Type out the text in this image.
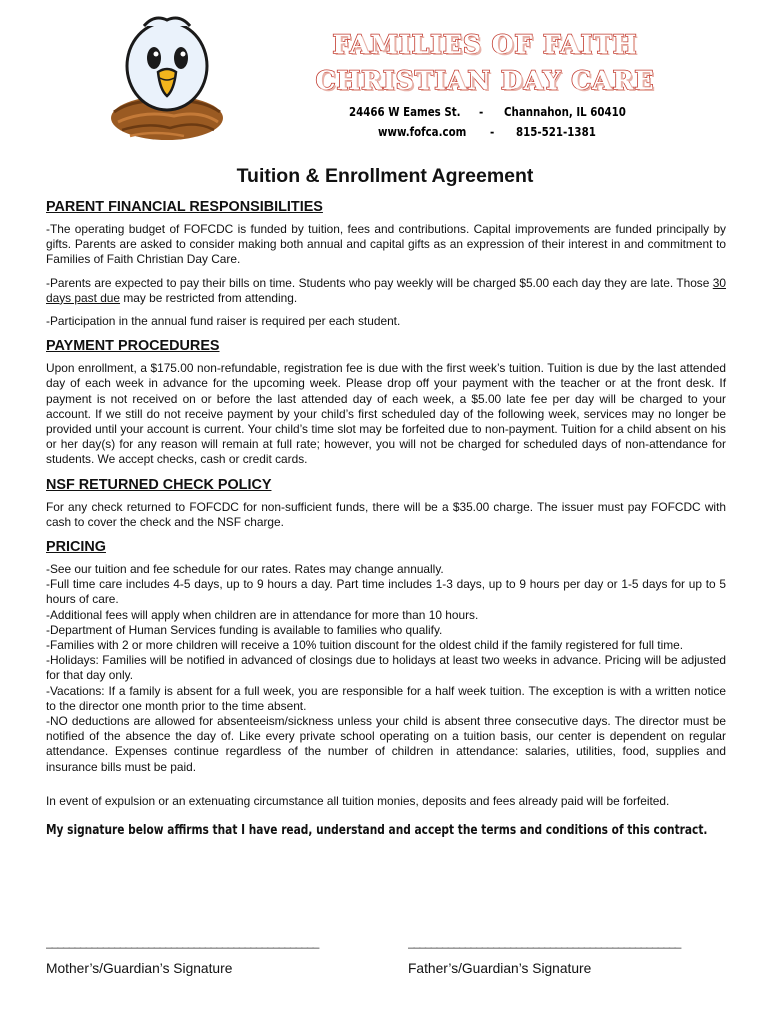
FAMILIES OF FAITH
CHRISTIAN DAY CARE
24466 W Eames St. - Channahon, IL 60410
www.fofca.com - 815-521-1381
Tuition & Enrollment Agreement
PARENT FINANCIAL RESPONSIBILITIES

-The operating budget of FOFCDC is funded by tuition, fees and contributions. Capital improvements are funded principally by gifts. Parents are asked to consider making both annual and capital gifts as an expression of their interest in and commitment to Families of Faith Christian Day Care.

-Parents are expected to pay their bills on time. Students who pay weekly will be charged $5.00 each day they are late. Those 30 days past due may be restricted from attending.

-Participation in the annual fund raiser is required per each student.

PAYMENT PROCEDURES

Upon enrollment, a $175.00 non-refundable, registration fee is due with the first week’s tuition. Tuition is due by the last attended day of each week in advance for the upcoming week. Please drop off your payment with the teacher or at the front desk. If payment is not received on or before the last attended day of each week, a $5.00 late fee per day will be charged to your account. If we still do not receive payment by your child’s first scheduled day of the following week, services may no longer be provided until your account is current. Your child’s time slot may be forfeited due to non-payment. Tuition for a child absent on his or her day(s) for any reason will remain at full rate; however, you will not be charged for scheduled days of non-attendance for students. We accept checks, cash or credit cards.

NSF RETURNED CHECK POLICY

For any check returned to FOFCDC for non-sufficient funds, there will be a $35.00 charge. The issuer must pay FOFCDC with cash to cover the check and the NSF charge.

PRICING
-See our tuition and fee schedule for our rates. Rates may change annually.
-Full time care includes 4-5 days, up to 9 hours a day. Part time includes 1-3 days, up to 9 hours per day or 1-5 days for up to 5 hours of care.
-Additional fees will apply when children are in attendance for more than 10 hours.
-Department of Human Services funding is available to families who qualify.
-Families with 2 or more children will receive a 10% tuition discount for the oldest child if the family registered for full time.
-Holidays: Families will be notified in advanced of closings due to holidays at least two weeks in advance. Pricing will be adjusted for that day only.
-Vacations: If a family is absent for a full week, you are responsible for a half week tuition. The exception is with a written notice to the director one month prior to the time absent.
-NO deductions are allowed for absenteeism/sickness unless your child is absent three consecutive days. The director must be notified of the absence the day of. Like every private school operating on a tuition basis, our center is dependent on regular attendance. Expenses continue regardless of the number of children in attendance: salaries, utilities, food, supplies and insurance bills must be paid.

In event of expulsion or an extenuating circumstance all tuition monies, deposits and fees already paid will be forfeited.

My signature below affirms that I have read, understand and accept the terms and conditions of this contract.
________________________________________________	________________________________________________
Mother’s/Guardian’s Signature	Father’s/Guardian’s Signature
